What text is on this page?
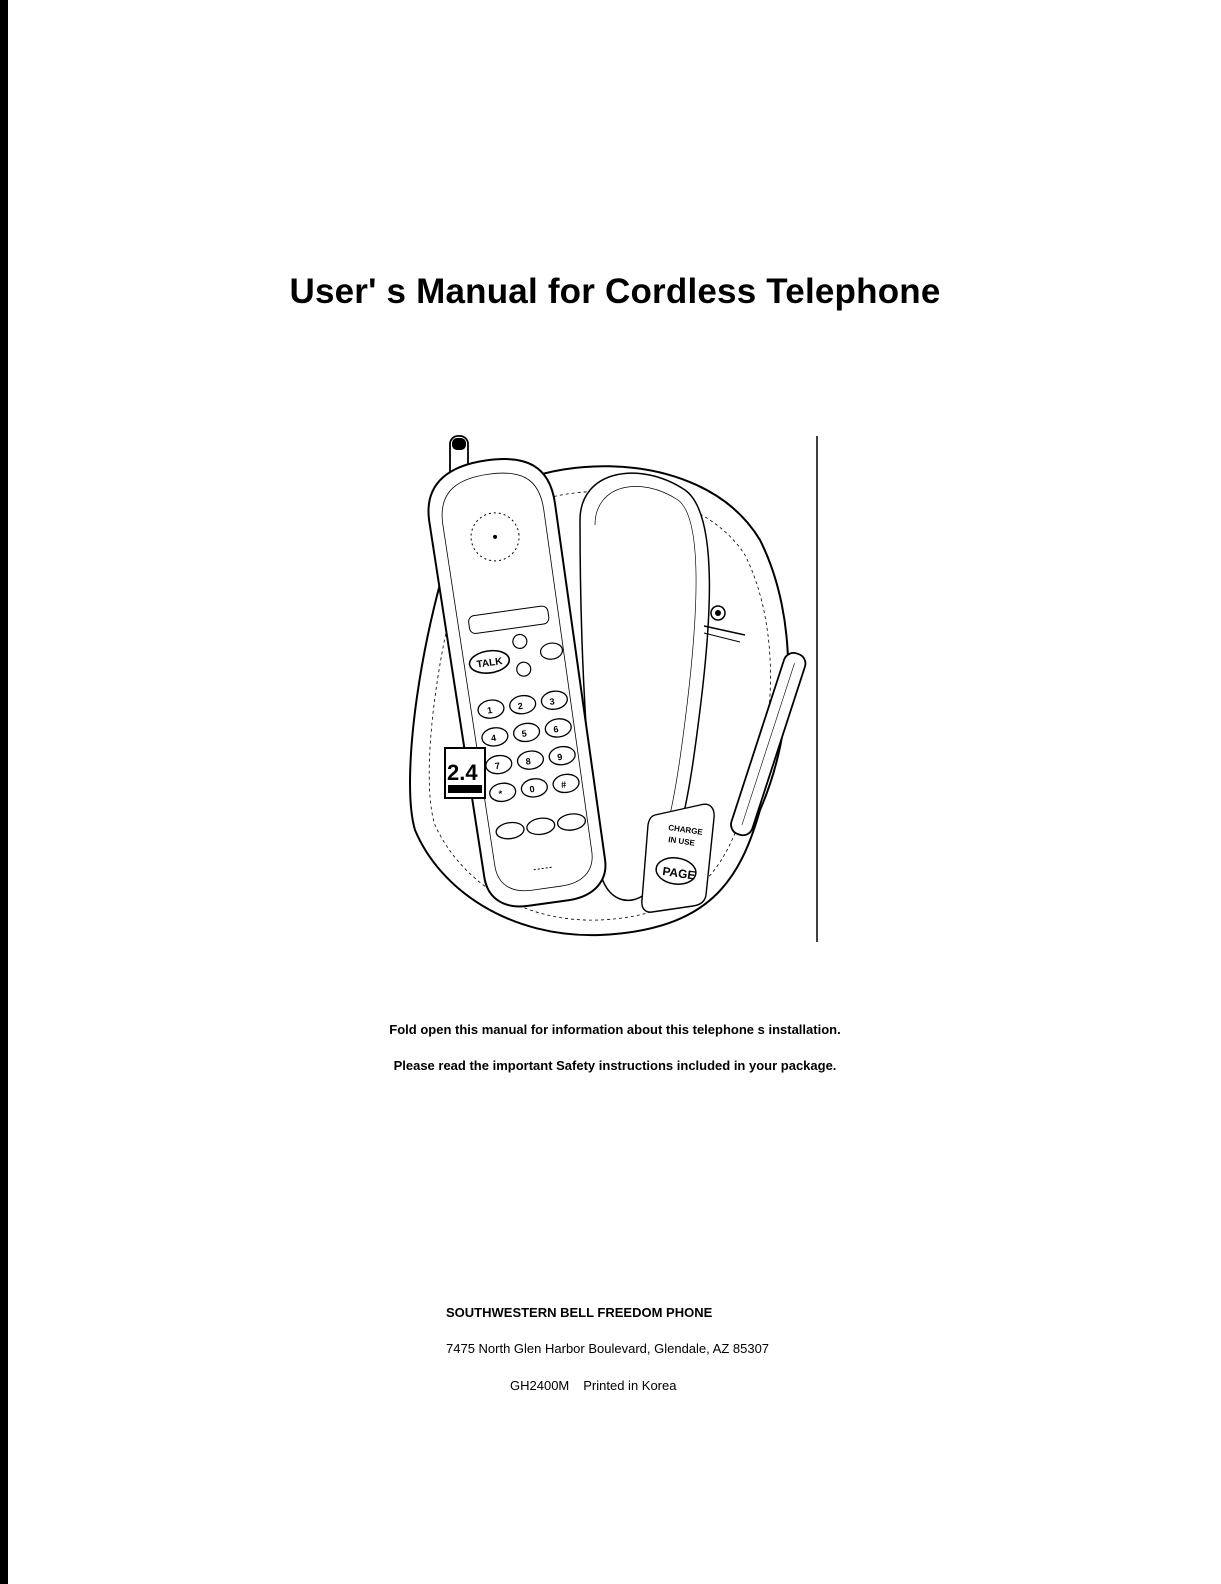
User' s Manual for Cordless Telephone
CHARGE
IN USE
PAGE
TALK
1	2	3
4	5	6
7	8	9
*	0	#
2.4
Fold open this manual for information about this telephone s installation.
Please read the important Safety instructions included in your package.
SOUTHWESTERN BELL FREEDOM PHONE
7475 North Glen Harbor Boulevard, Glendale, AZ 85307
GH2400M Printed in Korea
